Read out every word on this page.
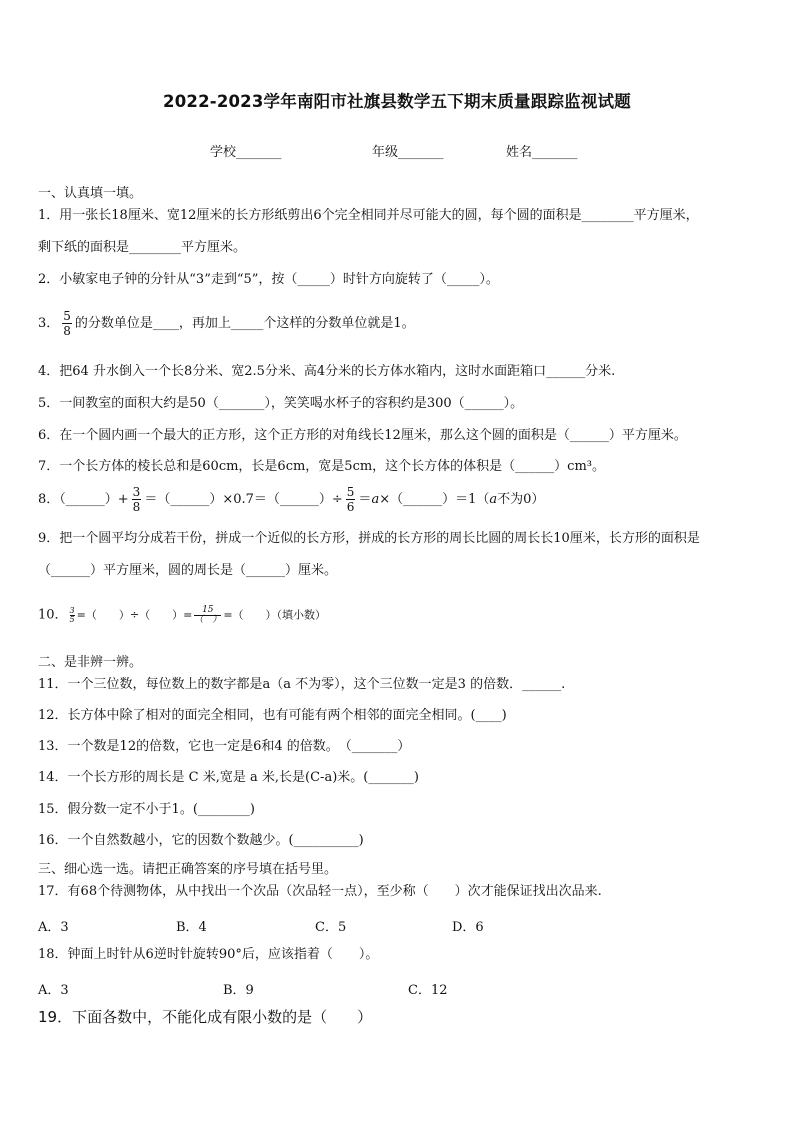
2022-2023学年南阳市社旗县数学五下期末质量跟踪监视试题
学校_______	年级_______	姓名_______
一、认真填一填。
1．用一张长18厘米、宽12厘米的长方形纸剪出6个完全相同并尽可能大的圆，每个圆的面积是________平方厘米，
剩下纸的面积是________平方厘米。
2．小敏家电子钟的分针从“3”走到“5”，按（_____）时针方向旋转了（_____）。
3． $\frac{5}{8}$ 的分数单位是____，再加上_____个这样的分数单位就是1。
4．把64 升水倒入一个长8分米、宽2.5分米、高4分米的长方体水箱内，这时水面距箱口______分米.
5．一间教室的面积大约是50（_______），笑笑喝水杯子的容积约是300（______）。
6．在一个圆内画一个最大的正方形，这个正方形的对角线长12厘米，那么这个圆的面积是（______）平方厘米。
7．一个长方体的棱长总和是60cm，长是6cm，宽是5cm，这个长方体的体积是（______）cm³。
8．（______）+ $\frac{3}{8}$ ＝（______）×0.7＝（______）÷ $\frac{5}{6}$ ＝a×（______）＝1（a不为0）
9．把一个圆平均分成若干份，拼成一个近似的长方形，拼成的长方形的周长比圆的周长长10厘米，长方形的面积是
（______）平方厘米，圆的周长是（______）厘米。
10． $\frac{3}{5}$ =（　　）÷（　　）=	15
（　） =（　　）（填小数）
二、是非辨一辨。
11．一个三位数，每位数上的数字都是a（a 不为零），这个三位数一定是3 的倍数．______.
12．长方体中除了相对的面完全相同，也有可能有两个相邻的面完全相同。(____)
13．一个数是12的倍数，它也一定是6和4 的倍数。　（_______）
14．一个长方形的周长是 C 米,宽是 a 米,长是(C-a)米。(_______)
15．假分数一定不小于1。(________)
16．一个自然数越小，它的因数个数越少。(__________)
三、细心选一选。请把正确答案的序号填在括号里。
17．有68个待测物体，从中找出一个次品（次品轻一点），至少称（　　）次才能保证找出次品来.
A．3	B．4	C．5	D．6
18．钟面上时针从6逆时针旋转90°后，应该指着（　　）。
A．3	B．9	C．12
19．下面各数中，不能化成有限小数的是（　　）
